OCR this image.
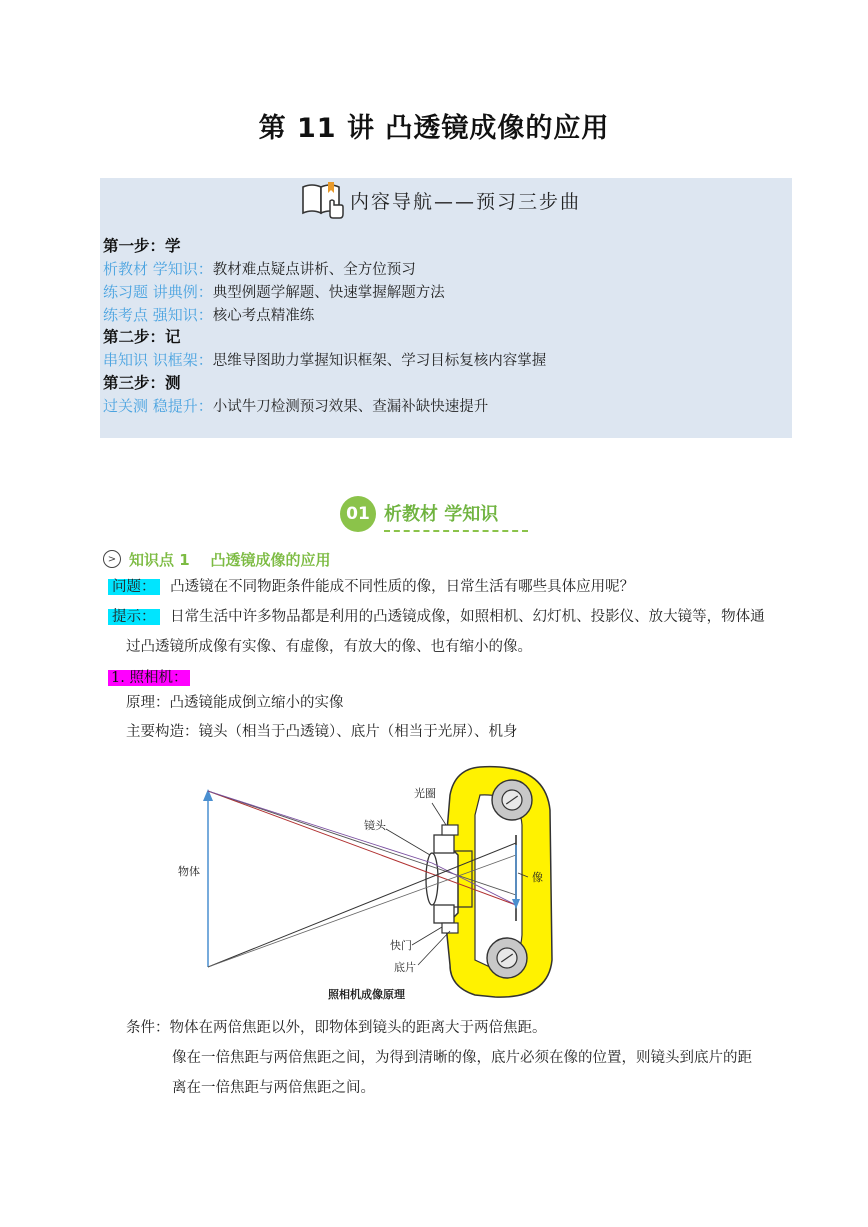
第 11 讲 凸透镜成像的应用
内容导航——预习三步曲
第一步：学
析教材 学知识：教材难点疑点讲析、全方位预习
练习题 讲典例：典型例题学解题、快速掌握解题方法
练考点 强知识：核心考点精准练
第二步：记
串知识 识框架：思维导图助力掌握知识框架、学习目标复核内容掌握
第三步：测
过关测 稳提升：小试牛刀检测预习效果、查漏补缺快速提升
01 析教材 学知识
> 知识点 1    凸透镜成像的应用
问题： 凸透镜在不同物距条件能成不同性质的像，日常生活有哪些具体应用呢？
提示： 日常生活中许多物品都是利用的凸透镜成像，如照相机、幻灯机、投影仪、放大镜等，物体通
过凸透镜所成像有实像、有虚像，有放大的像、也有缩小的像。
1. 照相机：
原理：凸透镜能成倒立缩小的实像
主要构造：镜头（相当于凸透镜）、底片（相当于光屏）、机身
光圈
镜头
物体	像
快门
底片
照相机成像原理
条件：物体在两倍焦距以外，即物体到镜头的距离大于两倍焦距。
像在一倍焦距与两倍焦距之间，为得到清晰的像，底片必须在像的位置，则镜头到底片的距
离在一倍焦距与两倍焦距之间。
